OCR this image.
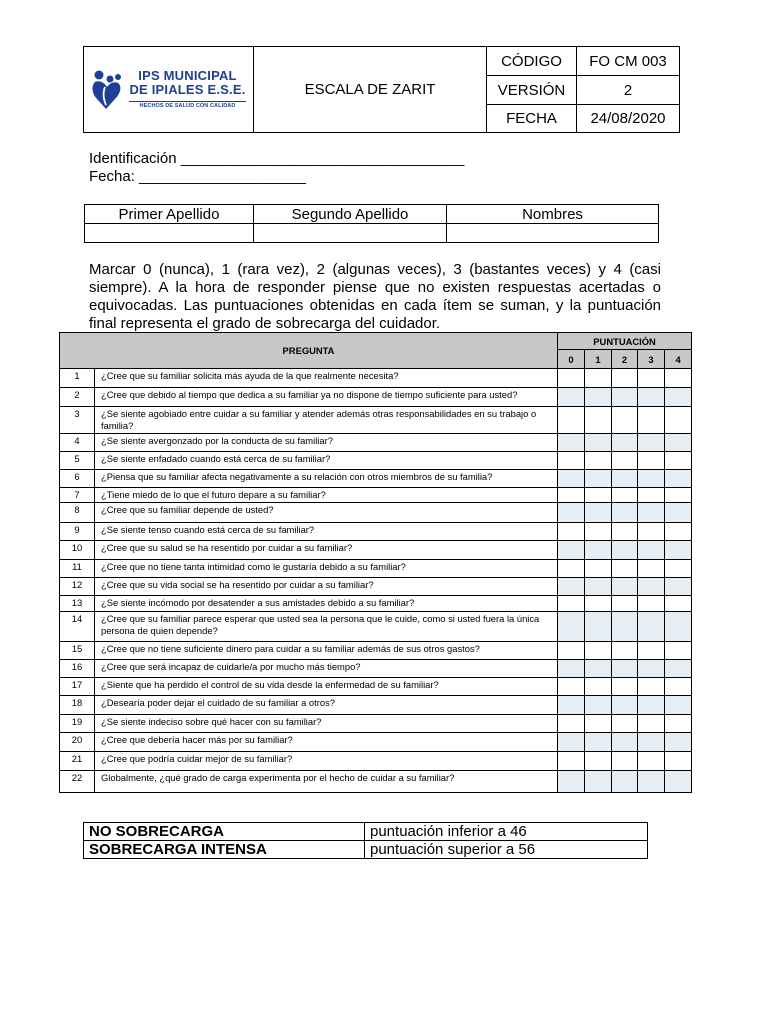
IPS MUNICIPAL
DE IPIALES E.S.E.
HECHOS DE SALUD CON CALIDAD	ESCALA DE ZARIT	CÓDIGO	FO CM 003
		VERSIÓN	2
		FECHA	24/08/2020
Identificación __________________________________
Fecha: ____________________
Primer Apellido	Segundo Apellido	Nombres

Marcar 0 (nunca), 1 (rara vez), 2 (algunas veces), 3 (bastantes veces) y 4 (casi siempre). A la hora de responder piense que no existen respuestas acertadas o equivocadas. Las puntuaciones obtenidas en cada ítem se suman, y la puntuación final representa el grado de sobrecarga del cuidador.

PREGUNTA		PUNTUACIÓN				
		0	1	2	3	4
1	¿Cree que su familiar solicita más ayuda de la que realmente necesita?					
2	¿Cree que debido al tiempo que dedica a su familiar ya no dispone de tiempo suficiente para usted?					
3	¿Se siente agobiado entre cuidar a su familiar y atender además otras responsabilidades en su trabajo o familia?					
4	¿Se siente avergonzado por la conducta de su familiar?					
5	¿Se siente enfadado cuando está cerca de su familiar?					
6	¿Piensa que su familiar afecta negativamente a su relación con otros miembros de su familia?					
7	¿Tiene miedo de lo que el futuro depare a su familiar?					
8	¿Cree que su familiar depende de usted?					
9	¿Se siente tenso cuando está cerca de su familiar?					
10	¿Cree que su salud se ha resentido por cuidar a su familiar?					
11	¿Cree que no tiene tanta intimidad como le gustaría debido a su familiar?					
12	¿Cree que su vida social se ha resentido por cuidar a su familiar?					
13	¿Se siente incómodo por desatender a sus amistades debido a su familiar?					
14	¿Cree que su familiar parece esperar que usted sea la persona que le cuide, como si usted fuera la única persona de quien depende?					
15	¿Cree que no tiene suficiente dinero para cuidar a su familiar además de sus otros gastos?					
16	¿Cree que será incapaz de cuidarle/a por mucho más tiempo?					
17	¿Siente que ha perdido el control de su vida desde la enfermedad de su familiar?					
18	¿Desearía poder dejar el cuidado de su familiar a otros?					
19	¿Se siente indeciso sobre qué hacer con su familiar?					
20	¿Cree que debería hacer más por su familiar?					
21	¿Cree que podría cuidar mejor de su familiar?					
22	Globalmente, ¿qué grado de carga experimenta por el hecho de cuidar a su familiar?					
NO SOBRECARGA	puntuación inferior a 46
SOBRECARGA INTENSA	puntuación superior a 56
